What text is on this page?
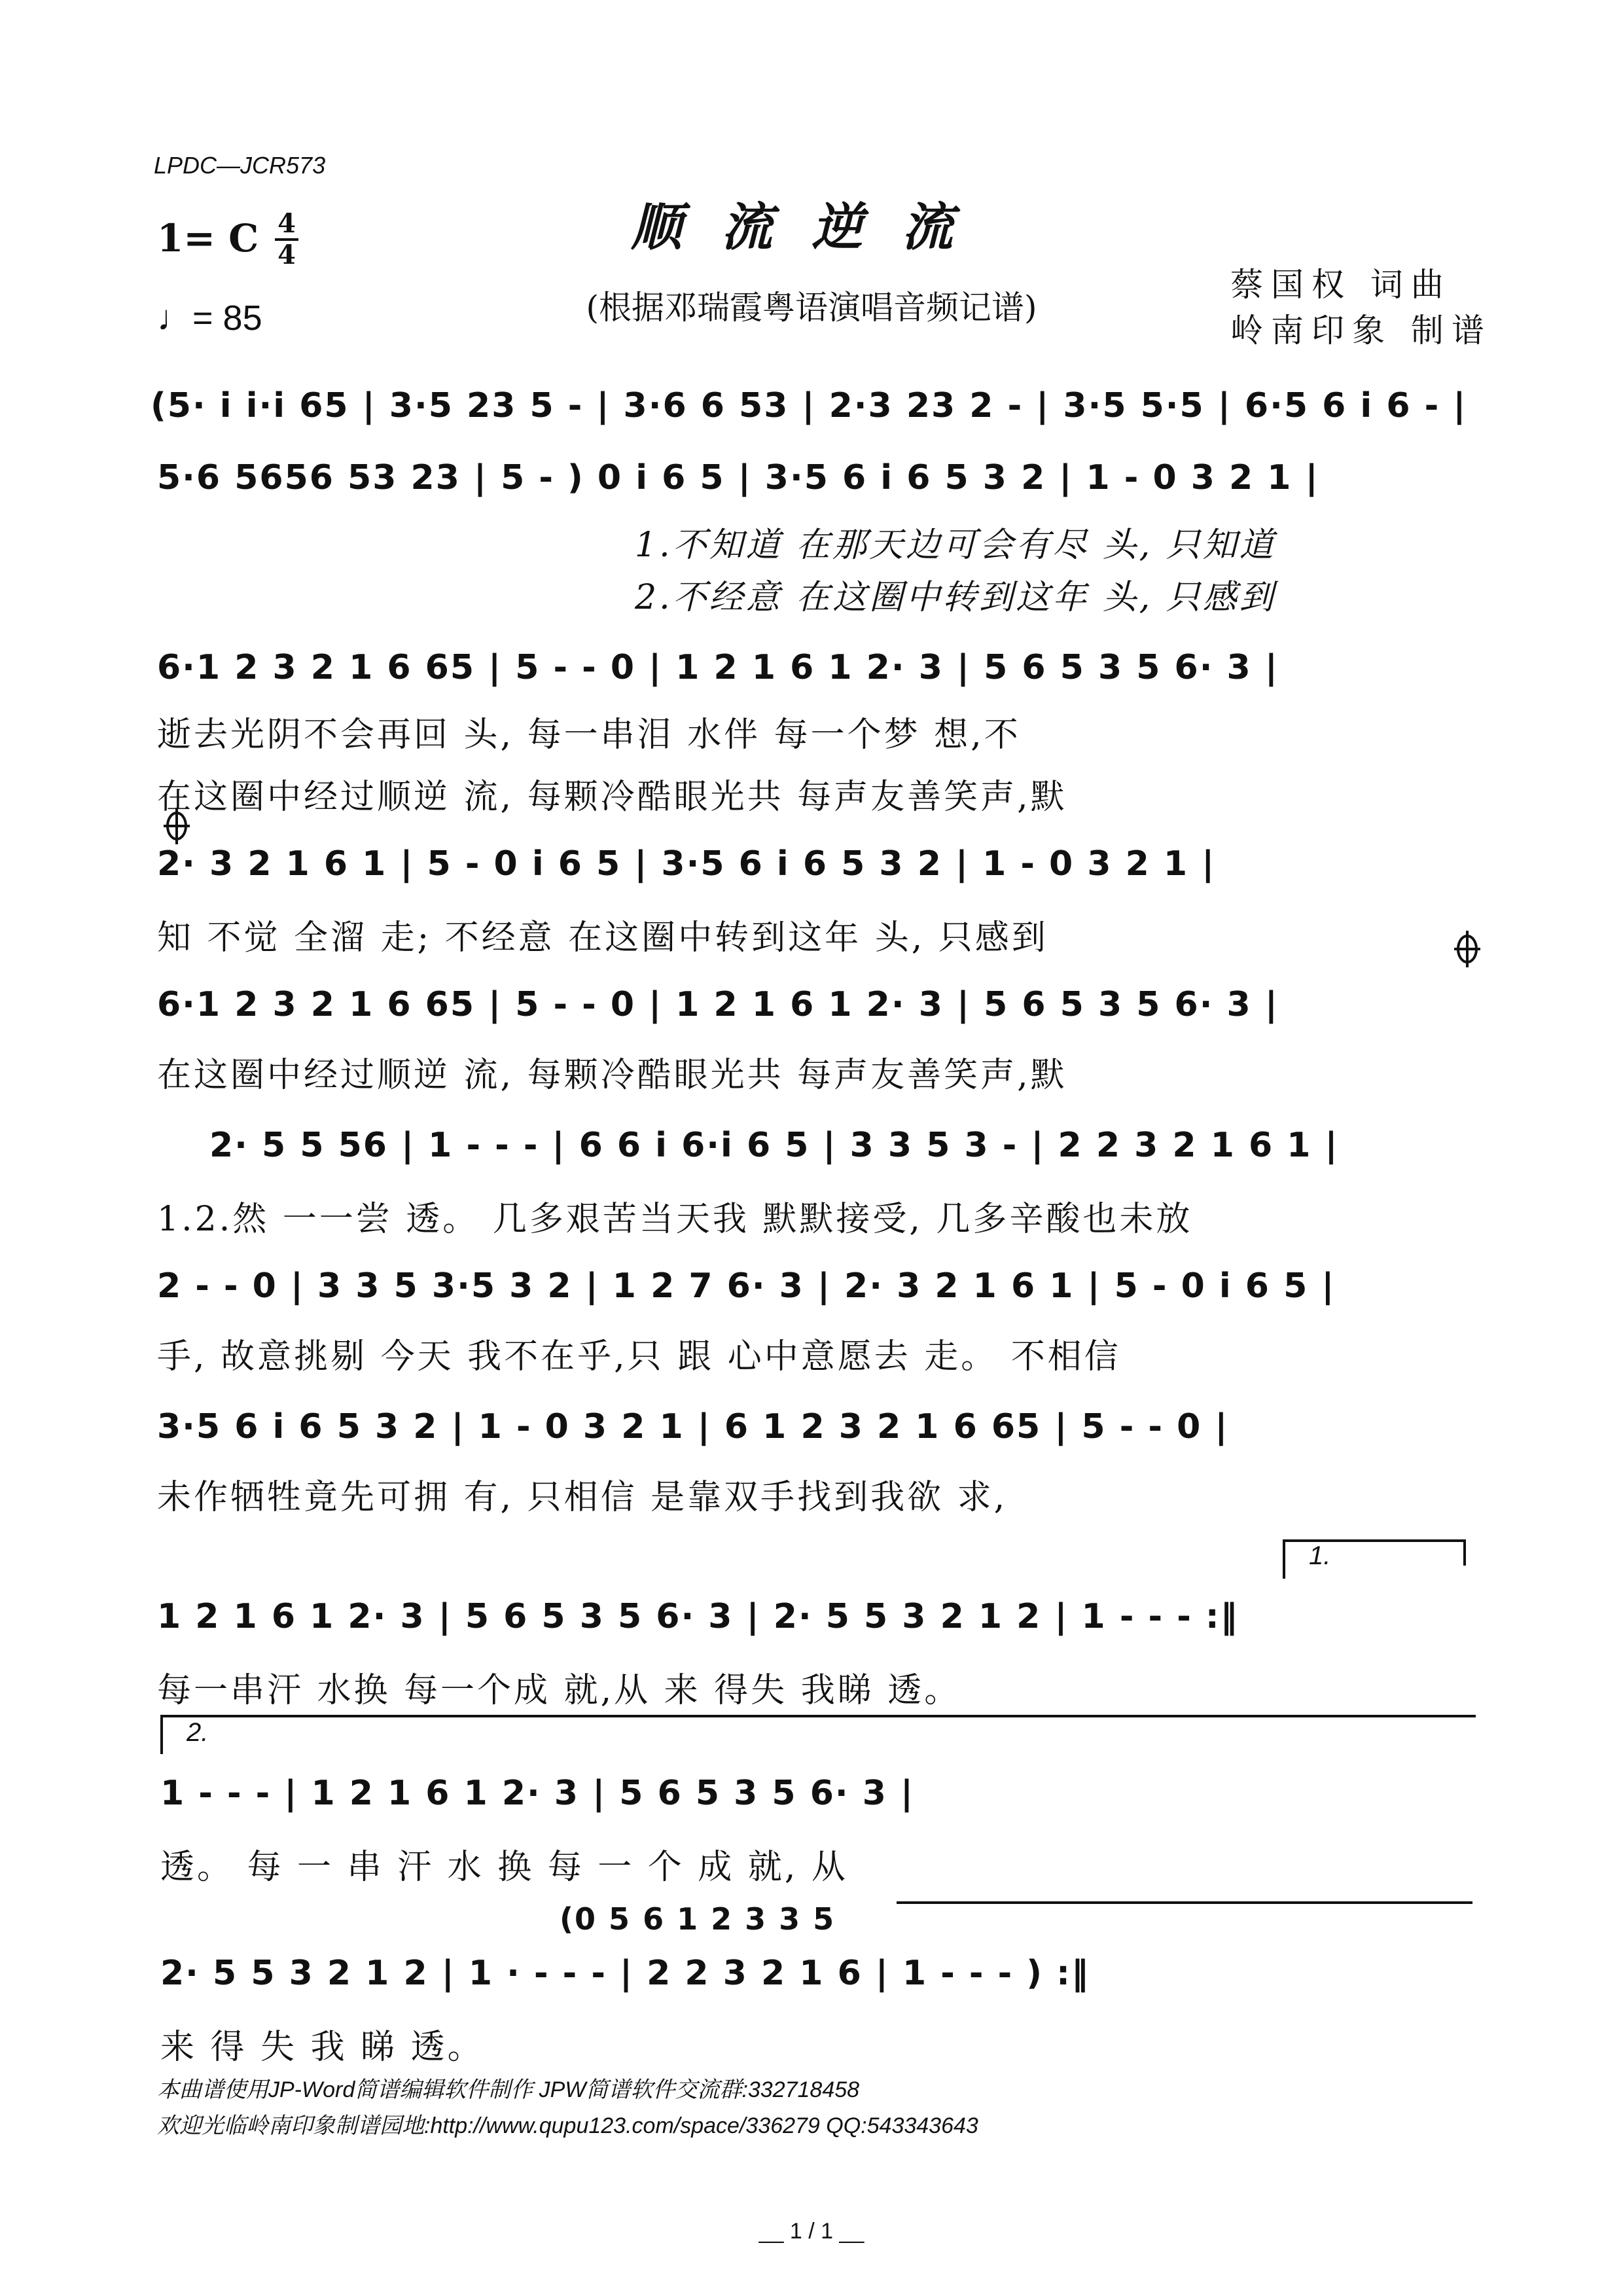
LPDC—JCR573
顺流逆流
(根据邓瑞霞粤语演唱音频记谱)
1= C 4
4
♩= 85
蔡国权 词曲
岭南印象 制谱
(5· i i·i 65 | 3·5 23 5 - | 3·6 6 53 | 2·3 23 2 - | 3·5 5·5 | 6·5 6 i 6 - |
5·6 5656 53 23 | 5 - ) 0 i 6 5 | 3·5 6 i 6 5 3 2 | 1 - 0 3 2 1 |
1.不知道 在那天边可会有尽 头, 只知道
2.不经意 在这圈中转到这年 头, 只感到
6·1 2 3 2 1 6 65 | 5 - - 0 | 1 2 1 6 1 2· 3 | 5 6 5 3 5 6· 3 |
逝去光阴不会再回 头, 每一串泪 水伴 每一个梦 想,不
在这圈中经过顺逆 流, 每颗冷酷眼光共 每声友善笑声,默
2· 3 2 1 6 1 | 5 - 0 i 6 5 | 3·5 6 i 6 5 3 2 | 1 - 0 3 2 1 |
知 不觉 全溜 走; 不经意 在这圈中转到这年 头, 只感到
6·1 2 3 2 1 6 65 | 5 - - 0 | 1 2 1 6 1 2· 3 | 5 6 5 3 5 6· 3 |
在这圈中经过顺逆 流, 每颗冷酷眼光共 每声友善笑声,默
2· 5 5 56 | 1 - - - | 6 6 i 6·i 6 5 | 3 3 5 3 - | 2 2 3 2 1 6 1 |
1.2.然 一一尝 透。 几多艰苦当天我 默默接受, 几多辛酸也未放
2 - - 0 | 3 3 5 3·5 3 2 | 1 2 7 6· 3 | 2· 3 2 1 6 1 | 5 - 0 i 6 5 |
手, 故意挑剔 今天 我不在乎,只 跟 心中意愿去 走。 不相信
3·5 6 i 6 5 3 2 | 1 - 0 3 2 1 | 6 1 2 3 2 1 6 65 | 5 - - 0 |
未作牺牲竟先可拥 有, 只相信 是靠双手找到我欲 求,
1.
1 2 1 6 1 2· 3 | 5 6 5 3 5 6· 3 | 2· 5 5 3 2 1 2 | 1 - - - :‖
每一串汗 水换 每一个成 就,从 来 得失 我睇 透。
2.
1 - - - | 1 2 1 6 1 2· 3 | 5 6 5 3 5 6· 3 |
透。 每 一 串 汗 水 换 每 一 个 成 就, 从
(0 5 6 1 2 3 3 5
2· 5 5 3 2 1 2 | 1 · - - - | 2 2 3 2 1 6 | 1 - - - ) :‖
来 得 失 我 睇 透。
本曲谱使用JP-Word简谱编辑软件制作 JPW简谱软件交流群:332718458
欢迎光临岭南印象制谱园地:http://www.qupu123.com/space/336279 QQ:543343643
__ 1 / 1 __
